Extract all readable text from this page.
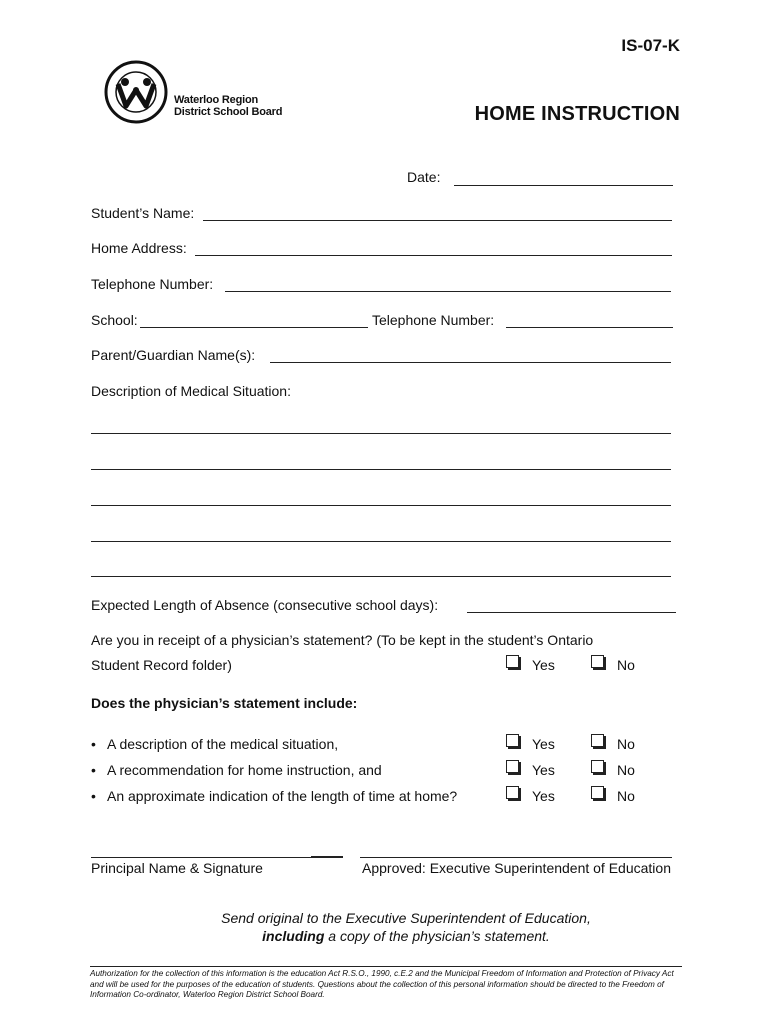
IS-07-K
Waterloo Region
District School Board	HOME INSTRUCTION
Date:
Student’s Name:
Home Address:
Telephone Number:
School:	Telephone Number:
Parent/Guardian Name(s):
Description of Medical Situation:
Expected Length of Absence (consecutive school days):
Are you in receipt of a physician’s statement? (To be kept in the student’s Ontario
Student Record folder)	Yes	No
Does the physician’s statement include:
• A description of the medical situation,	Yes	No
• A recommendation for home instruction, and	Yes	No
• An approximate indication of the length of time at home?	Yes	No
Principal Name & Signature	Approved: Executive Superintendent of Education
Send original to the Executive Superintendent of Education,
including a copy of the physician’s statement.
Authorization for the collection of this information is the education Act R.S.O., 1990, c.E.2 and the Municipal Freedom of Information and Protection of Privacy Act and will be used for the purposes of the education of students. Questions about the collection of this personal information should be directed to the Freedom of Information Co-ordinator, Waterloo Region District School Board.
